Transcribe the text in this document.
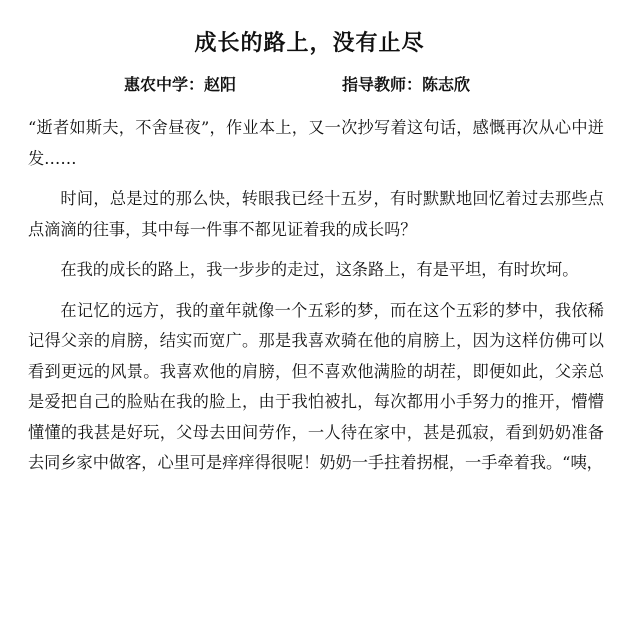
成长的路上，没有止尽
惠农中学：赵阳	指导教师：陈志欣

“逝者如斯夫，不舍昼夜”，作业本上，又一次抄写着这句话，感慨再次从心中迸发……

时间，总是过的那么快，转眼我已经十五岁，有时默默地回忆着过去那些点点滴滴的往事，其中每一件事不都见证着我的成长吗？

在我的成长的路上，我一步步的走过，这条路上，有是平坦，有时坎坷。

在记忆的远方，我的童年就像一个五彩的梦，而在这个五彩的梦中，我依稀记得父亲的肩膀，结实而宽广。那是我喜欢骑在他的肩膀上，因为这样仿佛可以看到更远的风景。我喜欢他的肩膀，但不喜欢他满脸的胡茬，即便如此，父亲总是爱把自己的脸贴在我的脸上，由于我怕被扎，每次都用小手努力的推开，懵懵懂懂的我甚是好玩，父母去田间劳作，一人待在家中，甚是孤寂，看到奶奶准备去同乡家中做客，心里可是痒痒得很呢！奶奶一手拄着拐棍，一手牵着我。“咦，
